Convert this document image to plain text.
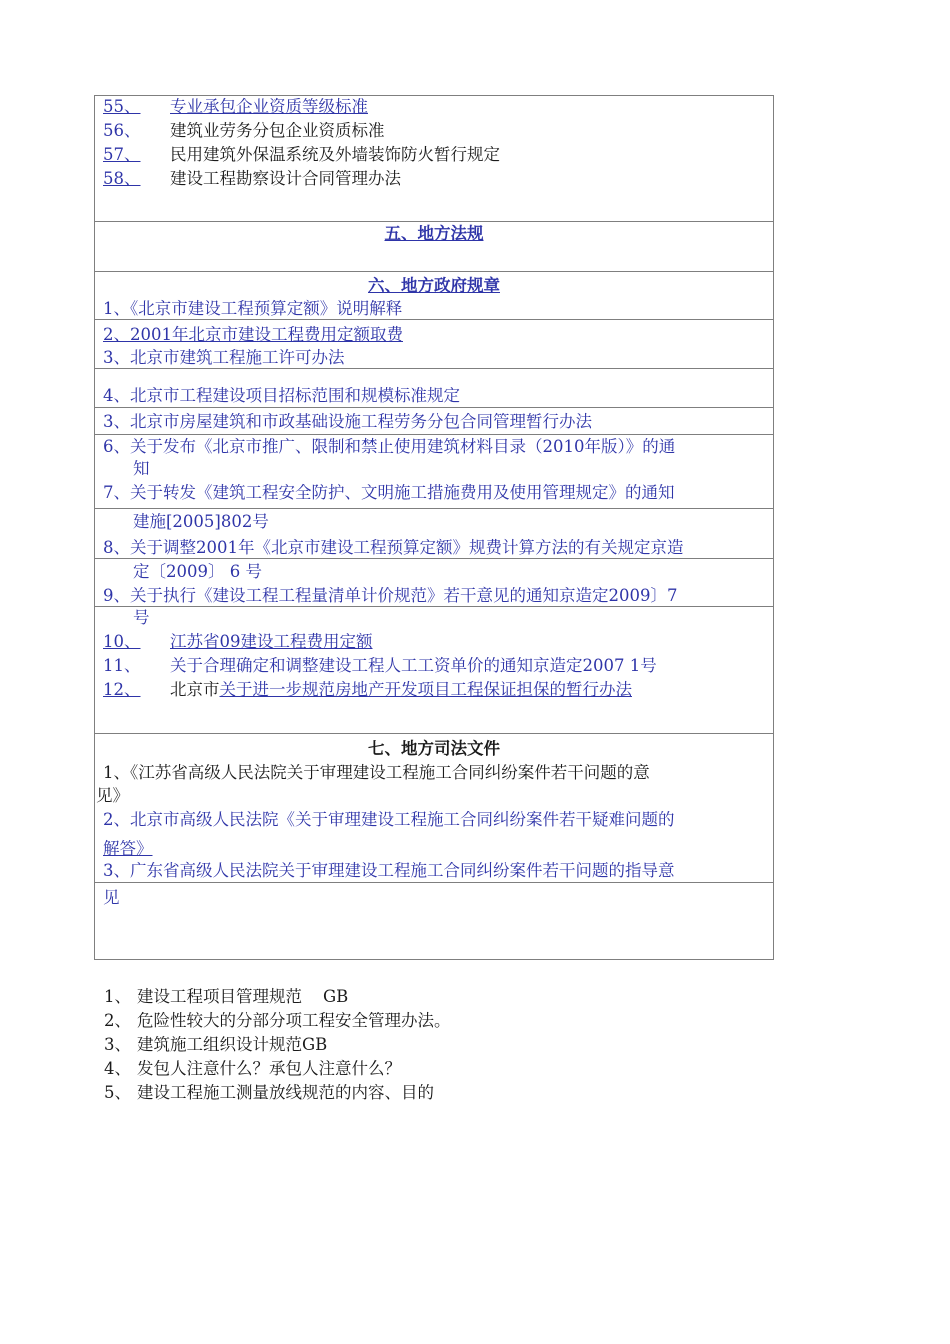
55、 专业承包企业资质等级标准
56、 建筑业劳务分包企业资质标准
57、 民用建筑外保温系统及外墙装饰防火暂行规定
58、 建设工程勘察设计合同管理办法
五、地方法规
六、地方政府规章
1、《北京市建设工程预算定额》说明解释
2、2001年北京市建设工程费用定额取费
3、北京市建筑工程施工许可办法
4、北京市工程建设项目招标范围和规模标准规定
3、北京市房屋建筑和市政基础设施工程劳务分包合同管理暂行办法
6、关于发布《北京市推广、限制和禁止使用建筑材料目录（2010年版）》的通
知
7、关于转发《建筑工程安全防护、文明施工措施费用及使用管理规定》的通知
建施[2005]802号
8、关于调整2001年《北京市建设工程预算定额》规费计算方法的有关规定京造
定〔2009〕 6 号
9、关于执行《建设工程工程量清单计价规范》若干意见的通知京造定2009〕7
号
10、 江苏省09建设工程费用定额
11、 关于合理确定和调整建设工程人工工资单价的通知京造定2007 1号
12、 北京市关于进一步规范房地产开发项目工程保证担保的暂行办法
七、地方司法文件
1、《江苏省高级人民法院关于审理建设工程施工合同纠纷案件若干问题的意
见》
2、北京市高级人民法院《关于审理建设工程施工合同纠纷案件若干疑难问题的
解答》
3、广东省高级人民法院关于审理建设工程施工合同纠纷案件若干问题的指导意
见
1、 建设工程项目管理规范    GB
2、 危险性较大的分部分项工程安全管理办法。
3、 建筑施工组织设计规范GB
4、 发包人注意什么？承包人注意什么？
5、 建设工程施工测量放线规范的内容、目的
